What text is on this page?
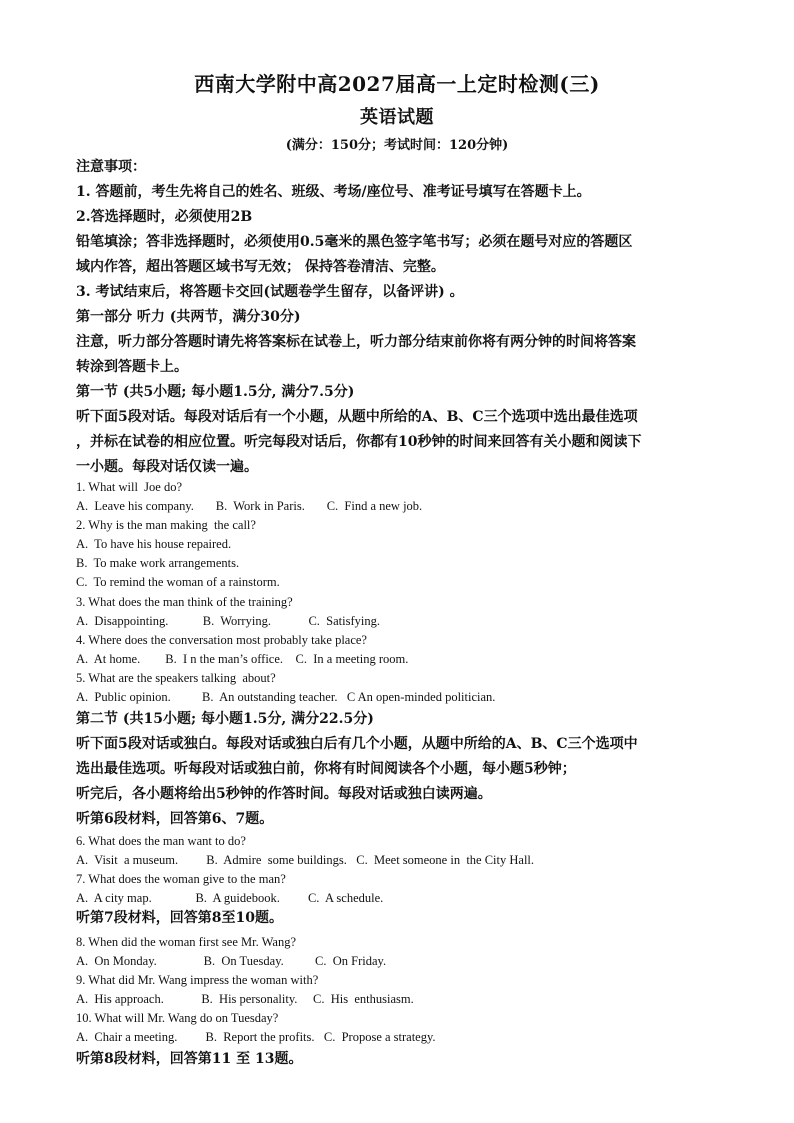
西南大学附中高2027届高一上定时检测(三)
英语试题
(满分：150分；考试时间：120分钟)

注意事项：

1. 答题前，考生先将自己的姓名、班级、考场/座位号、准考证号填写在答题卡上。

2.答选择题时，必须使用2B

铅笔填涂；答非选择题时，必须使用0.5毫米的黑色签字笔书写；必须在题号对应的答题区

域内作答，超出答题区域书写无效； 保持答卷清洁、完整。

3. 考试结束后，将答题卡交回(试题卷学生留存，以备评讲) 。

第一部分 听力 (共两节，满分30分)

注意，听力部分答题时请先将答案标在试卷上，听力部分结束前你将有两分钟的时间将答案

转涂到答题卡上。

第一节 (共5小题; 每小题1.5分, 满分7.5分)

听下面5段对话。每段对话后有一个小题，从题中所给的A、B、C三个选项中选出最佳选项

，并标在试卷的相应位置。听完每段对话后，你都有10秒钟的时间来回答有关小题和阅读下

一小题。每段对话仅读一遍。

1. What will  Joe do?

A.  Leave his company.       B.  Work in Paris.       C.  Find a new job.

2. Why is the man making  the call?

A.  To have his house repaired.

B.  To make work arrangements.

C.  To remind the woman of a rainstorm.

3. What does the man think of the training?

A.  Disappointing.           B.  Worrying.            C.  Satisfying.

4. Where does the conversation most probably take place?

A.  At home.        B.  I n the man’s office.    C.  In a meeting room.

5. What are the speakers talking  about?

A.  Public opinion.          B.  An outstanding teacher.   C An open-minded politician.

第二节 (共15小题; 每小题1.5分, 满分22.5分)

听下面5段对话或独白。每段对话或独白后有几个小题，从题中所给的A、B、C三个选项中

选出最佳选项。听每段对话或独白前，你将有时间阅读各个小题，每小题5秒钟；

听完后，各小题将给出5秒钟的作答时间。每段对话或独白读两遍。

听第6段材料，回答第6、7题。

6. What does the man want to do?

A.  Visit  a museum.         B.  Admire  some buildings.   C.  Meet someone in  the City Hall.

7. What does the woman give to the man?

A.  A city map.              B.  A guidebook.         C.  A schedule.

听第7段材料，回答第8至10题。

8. When did the woman first see Mr. Wang?

A.  On Monday.               B.  On Tuesday.          C.  On Friday.

9. What did Mr. Wang impress the woman with?

A.  His approach.            B.  His personality.     C.  His  enthusiasm.

10. What will Mr. Wang do on Tuesday?

A.  Chair a meeting.         B.  Report the profits.   C.  Propose a strategy.

听第8段材料，回答第11 至 13题。
